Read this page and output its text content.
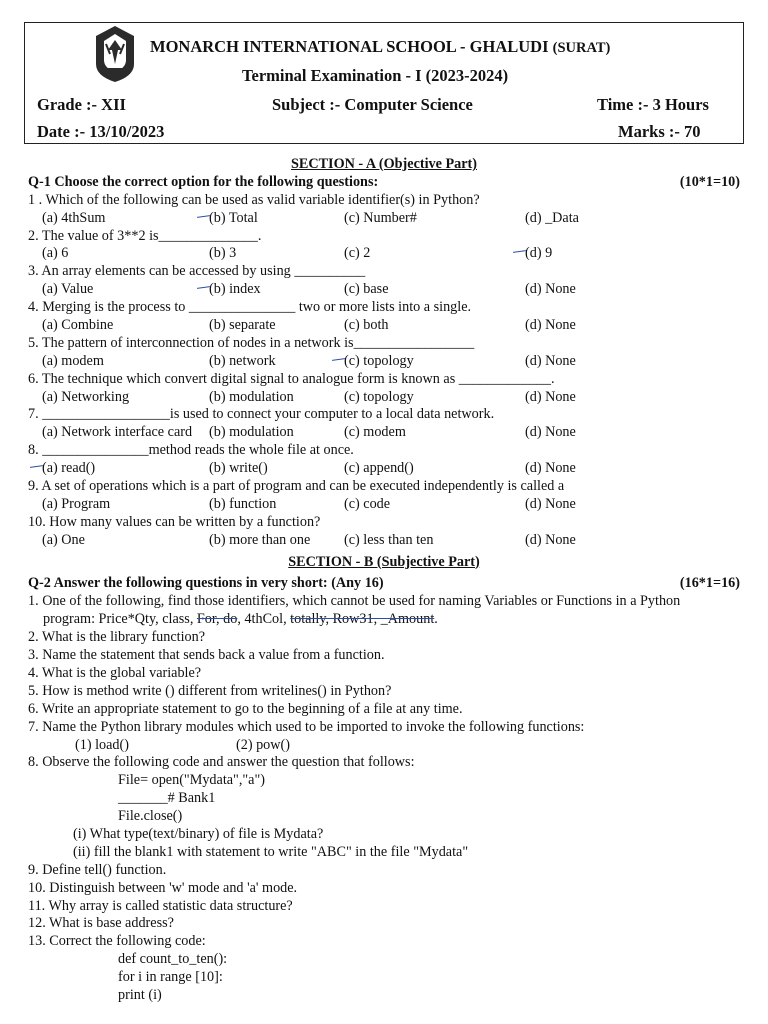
MONARCH INTERNATIONAL SCHOOL - GHALUDI (SURAT)
Terminal Examination - I (2023-2024)
Grade :- XII	Subject :- Computer Science	Time :- 3 Hours
Date :- 13/10/2023	Marks :- 70
SECTION - A (Objective Part)
Q-1 Choose the correct option for the following questions:	(10*1=10)
1 . Which of the following can be used as valid variable identifier(s) in Python?
(a) 4thSum	(b) Total	(c) Number#	(d) _Data
2. The value of 3**2 is______________.
(a) 6	(b) 3	(c) 2	(d) 9
3. An array elements can be accessed by using __________
(a) Value	(b) index	(c) base	(d) None
4. Merging is the process to _______________ two or more lists into a single.
(a) Combine	(b) separate	(c) both	(d) None
5. The pattern of interconnection of nodes in a network is_________________
(a) modem	(b) network	(c) topology	(d) None
6. The technique which convert digital signal to analogue form is known as _____________.
(a) Networking	(b) modulation	(c) topology	(d) None
7. __________________is used to connect your computer to a local data network.
(a) Network interface card (b) modulation	(c) modem	(d) None
8. _______________method reads the whole file at once.
(a) read()	(b) write()	(c) append()	(d) None
9. A set of operations which is a part of program and can be executed independently is called a
(a) Program	(b) function	(c) code	(d) None
10. How many values can be written by a function?
(a) One	(b) more than one (c) less than ten	(d) None
SECTION - B (Subjective Part)
Q-2 Answer the following questions in very short: (Any 16)	(16*1=16)
1. One of the following, find those identifiers, which cannot be used for naming Variables or Functions in a Python
program: Price*Qty, class, For, do, 4thCol, totally, Row31, _Amount.
2. What is the library function?
3. Name the statement that sends back a value from a function.
4. What is the global variable?
5. How is method write () different from writelines() in Python?
6. Write an appropriate statement to go to the beginning of a file at any time.
7. Name the Python library modules which used to be imported to invoke the following functions:
(1) load()	(2) pow()
8. Observe the following code and answer the question that follows:
File= open("Mydata","a")
_______# Bank1
File.close()
(i) What type(text/binary) of file is Mydata?
(ii) fill the blank1 with statement to write "ABC" in the file "Mydata"
9. Define tell() function.
10. Distinguish between 'w' mode and 'a' mode.
11. Why array is called statistic data structure?
12. What is base address?
13. Correct the following code:
def count_to_ten():
for i in range [10]:
print (i)
